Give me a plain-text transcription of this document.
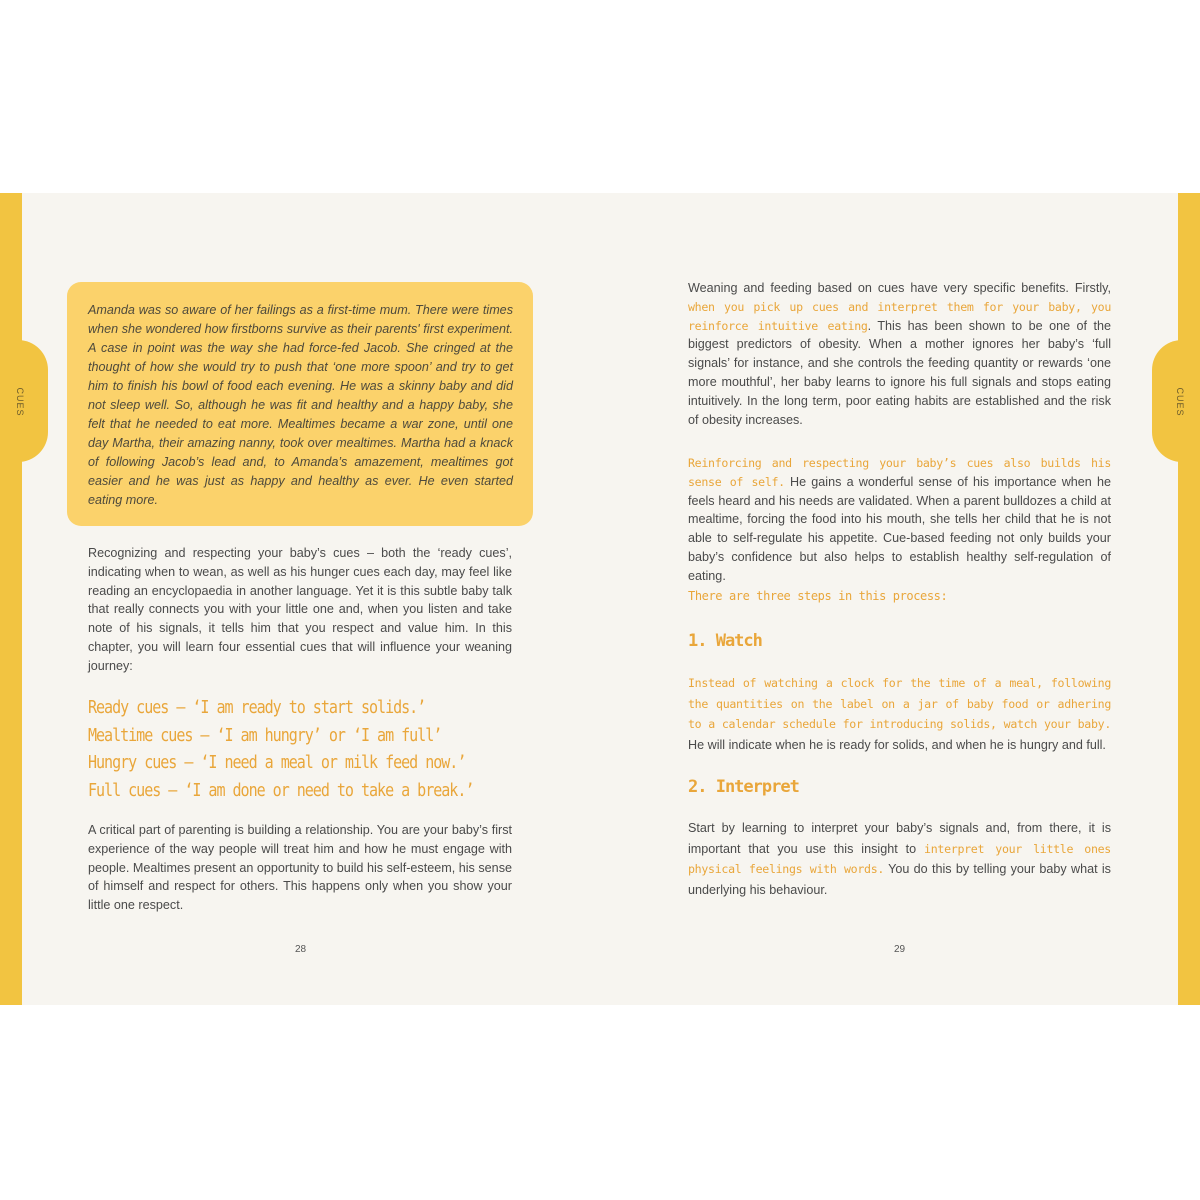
CUES	CUES

Amanda was so aware of her failings as a first-time mum. There were times when she wondered how firstborns survive as their parents' first experiment. A case in point was the way she had force-fed Jacob. She cringed at the thought of how she would try to push that ‘one more spoon’ and try to get him to finish his bowl of food each evening. He was a skinny baby and did not sleep well. So, although he was fit and healthy and a happy baby, she felt that he needed to eat more. Mealtimes became a war zone, until one day Martha, their amazing nanny, took over mealtimes. Martha had a knack of following Jacob’s lead and, to Amanda’s amazement, mealtimes got easier and he was just as happy and healthy as ever. He even started eating more.

Recognizing and respecting your baby’s cues – both the ‘ready cues’, indicating when to wean, as well as his hunger cues each day, may feel like reading an encyclopaedia in another language. Yet it is this subtle baby talk that really connects you with your little one and, when you listen and take note of his signals, it tells him that you respect and value him. In this chapter, you will learn four essential cues that will influence your weaning journey:

Ready cues – ‘I am ready to start solids.’
Mealtime cues – ‘I am hungry’ or ‘I am full’
Hungry cues – ‘I need a meal or milk feed now.’
Full cues – ‘I am done or need to take a break.’

A critical part of parenting is building a relationship. You are your baby’s first experience of the way people will treat him and how he must engage with people. Mealtimes present an opportunity to build his self-esteem, his sense of himself and respect for others. This happens only when you show your little one respect.

28

Weaning and feeding based on cues have very specific benefits. Firstly, when you pick up cues and interpret them for your baby, you reinforce intuitive eating. This has been shown to be one of the biggest predictors of obesity. When a mother ignores her baby’s ‘full signals’ for instance, and she controls the feeding quantity or rewards ‘one more mouthful’, her baby learns to ignore his full signals and stops eating intuitively. In the long term, poor eating habits are established and the risk of obesity increases.

Reinforcing and respecting your baby’s cues also builds his sense of self. He gains a wonderful sense of his importance when he feels heard and his needs are validated. When a parent bulldozes a child at mealtime, forcing the food into his mouth, she tells her child that he is not able to self-regulate his appetite. Cue-based feeding not only builds your baby’s confidence but also helps to establish healthy self-regulation of eating.

There are three steps in this process:

1. Watch

Instead of watching a clock for the time of a meal, following the quantities on the label on a jar of baby food or adhering to a calendar schedule for introducing solids, watch your baby. He will indicate when he is ready for solids, and when he is hungry and full.

2. Interpret

Start by learning to interpret your baby’s signals and, from there, it is important that you use this insight to interpret your little ones physical feelings with words. You do this by telling your baby what is underlying his behaviour.

29
